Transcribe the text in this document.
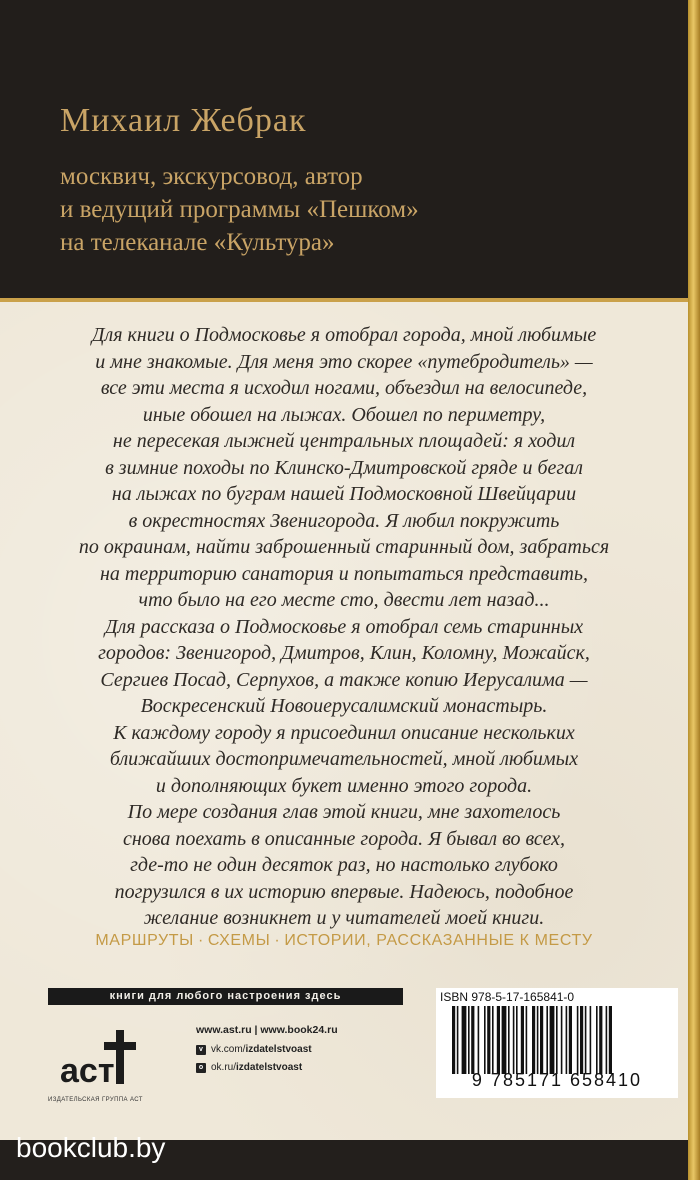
Михаил Жебрак
москвич, экскурсовод, автор
и ведущий программы «Пешком»
на телеканале «Культура»
Для книги о Подмосковье я отобрал города, мной любимые
и мне знакомые. Для меня это скорее «путебродитель» —
все эти места я исходил ногами, объездил на велосипеде,
иные обошел на лыжах. Обошел по периметру,
не пересекая лыжней центральных площадей: я ходил
в зимние походы по Клинско-Дмитровской гряде и бегал
на лыжах по буграм нашей Подмосковной Швейцарии
в окрестностях Звенигорода. Я любил покружить
по окраинам, найти заброшенный старинный дом, забраться
на территорию санатория и попытаться представить,
что было на его месте сто, двести лет назад...
Для рассказа о Подмосковье я отобрал семь старинных
городов: Звенигород, Дмитров, Клин, Коломну, Можайск,
Сергиев Посад, Серпухов, а также копию Иерусалима —
Воскресенский Новоиерусалимский монастырь.
К каждому городу я присоединил описание нескольких
ближайших достопримечательностей, мной любимых
и дополняющих букет именно этого города.
По мере создания глав этой книги, мне захотелось
снова поехать в описанные города. Я бывал во всех,
где-то не один десяток раз, но настолько глубоко
погрузился в их историю впервые. Надеюсь, подобное
желание возникнет и у читателей моей книги.
МАРШРУТЫ · СХЕМЫ · ИСТОРИИ, РАССКАЗАННЫЕ К МЕСТУ
книги для любого настроения здесь
аст
ИЗДАТЕЛЬСКАЯ ГРУППА АСТ
www.ast.ru | www.book24.ru
v vk.com/izdatelstvoast
o ok.ru/izdatelstvoast
ISBN 978-5-17-165841-0
9 785171 658410
bookclub.by
